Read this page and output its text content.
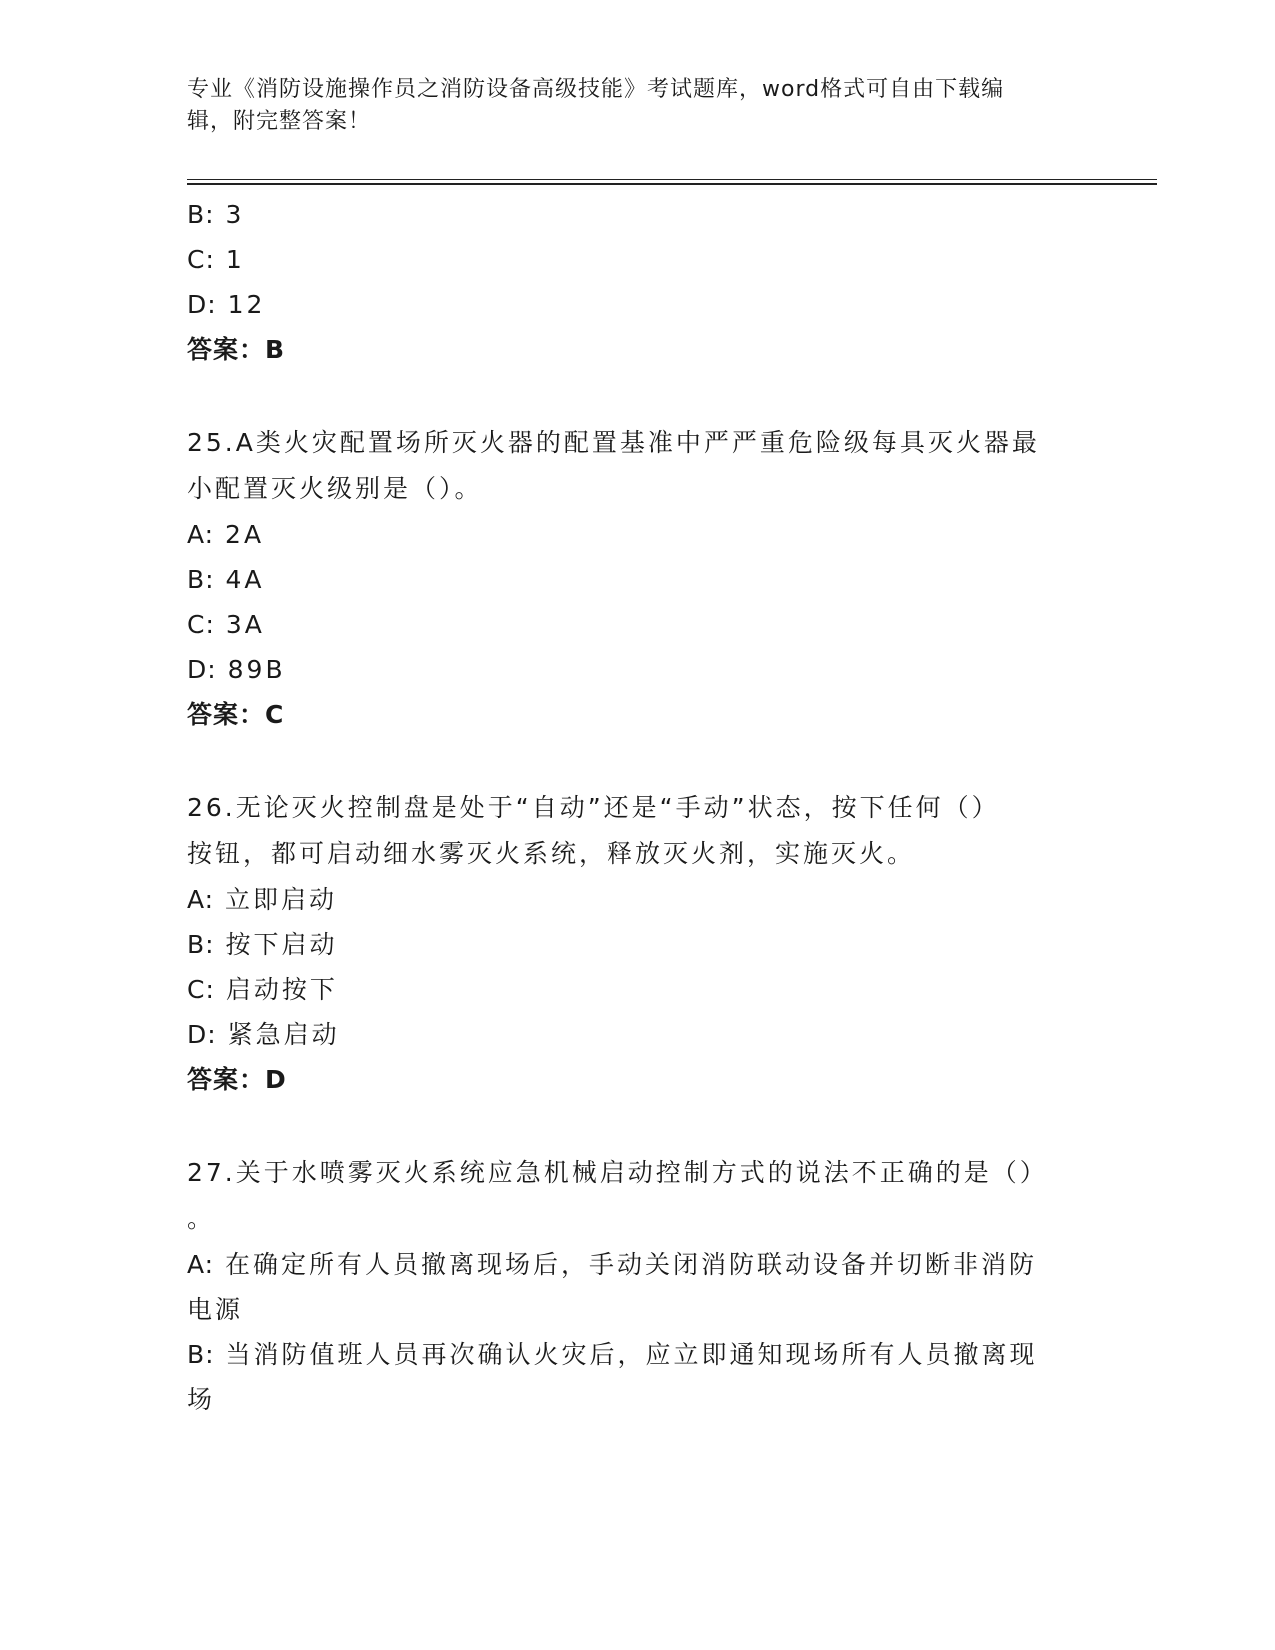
专业《消防设施操作员之消防设备高级技能》考试题库，word格式可自由下载编
辑，附完整答案！
B: 3
C: 1
D: 12
答案：B
25.A类火灾配置场所灭火器的配置基准中严严重危险级每具灭火器最
小配置灭火级别是（）。
A: 2A
B: 4A
C: 3A
D: 89B
答案：C
26.无论灭火控制盘是处于“自动”还是“手动”状态，按下任何（）
按钮，都可启动细水雾灭火系统，释放灭火剂，实施灭火。
A: 立即启动
B: 按下启动
C: 启动按下
D: 紧急启动
答案：D
27.关于水喷雾灭火系统应急机械启动控制方式的说法不正确的是（）
。
A: 在确定所有人员撤离现场后，手动关闭消防联动设备并切断非消防
电源
B: 当消防值班人员再次确认火灾后，应立即通知现场所有人员撤离现
场
